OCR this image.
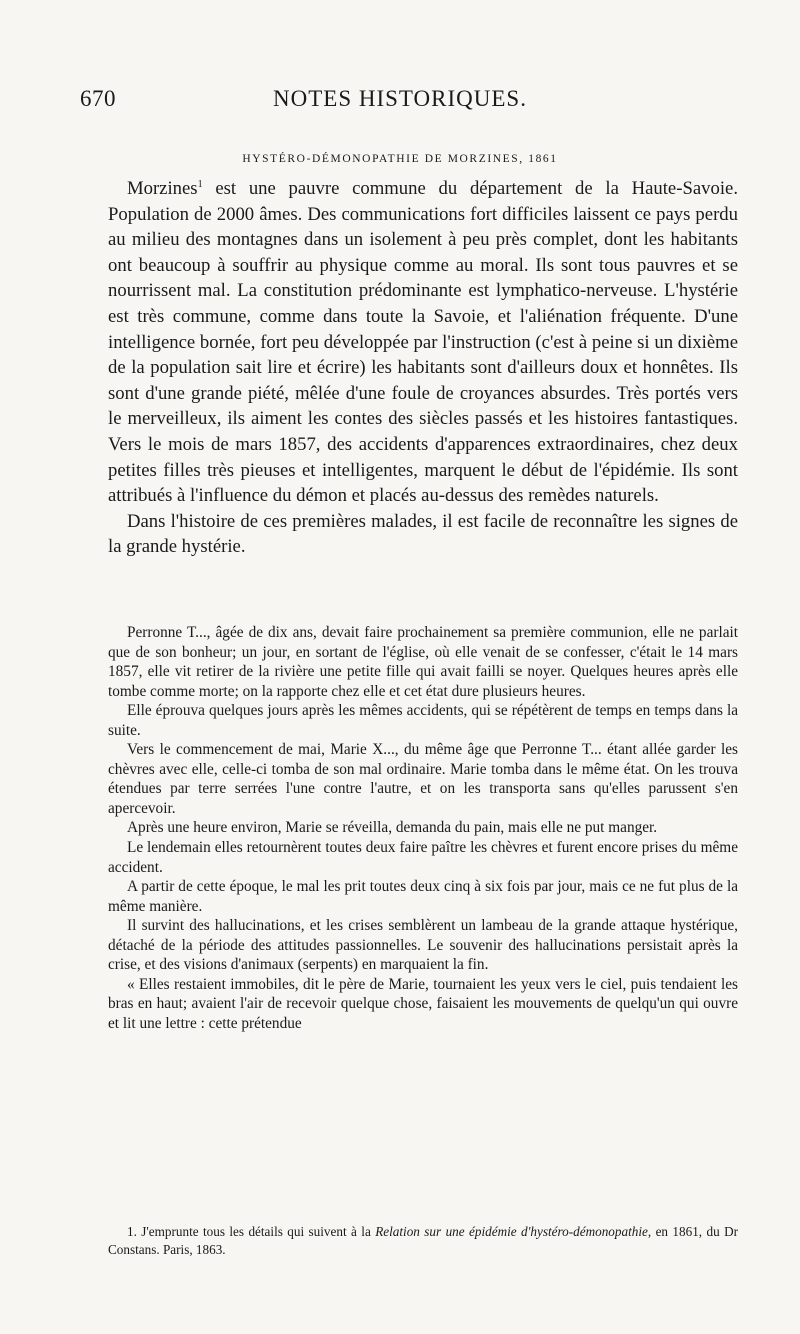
670	NOTES HISTORIQUES.
HYSTÉRO-DÉMONOPATHIE DE MORZINES, 1861

Morzines$^1$ est une pauvre commune du département de la Haute-Savoie. Population de 2000 âmes. Des communications fort difficiles laissent ce pays perdu au milieu des montagnes dans un isolement à peu près complet, dont les habitants ont beaucoup à souffrir au physique comme au moral. Ils sont tous pauvres et se nourrissent mal. La constitution prédominante est lymphatico-nerveuse. L'hystérie est très commune, comme dans toute la Savoie, et l'aliénation fréquente. D'une intelligence bornée, fort peu développée par l'instruction (c'est à peine si un dixième de la population sait lire et écrire) les habitants sont d'ailleurs doux et honnêtes. Ils sont d'une grande piété, mêlée d'une foule de croyances absurdes. Très portés vers le merveilleux, ils aiment les contes des siècles passés et les histoires fantastiques. Vers le mois de mars 1857, des accidents d'apparences extraordinaires, chez deux petites filles très pieuses et intelligentes, marquent le début de l'épidémie. Ils sont attribués à l'influence du démon et placés au-dessus des remèdes naturels.

Dans l'histoire de ces premières malades, il est facile de reconnaître les signes de la grande hystérie.

Perronne T..., âgée de dix ans, devait faire prochainement sa première communion, elle ne parlait que de son bonheur; un jour, en sortant de l'église, où elle venait de se confesser, c'était le 14 mars 1857, elle vit retirer de la rivière une petite fille qui avait failli se noyer. Quelques heures après elle tombe comme morte; on la rapporte chez elle et cet état dure plusieurs heures.

Elle éprouva quelques jours après les mêmes accidents, qui se répétèrent de temps en temps dans la suite.

Vers le commencement de mai, Marie X..., du même âge que Perronne T... étant allée garder les chèvres avec elle, celle-ci tomba de son mal ordinaire. Marie tomba dans le même état. On les trouva étendues par terre serrées l'une contre l'autre, et on les transporta sans qu'elles parussent s'en apercevoir.

Après une heure environ, Marie se réveilla, demanda du pain, mais elle ne put manger.

Le lendemain elles retournèrent toutes deux faire paître les chèvres et furent encore prises du même accident.

A partir de cette époque, le mal les prit toutes deux cinq à six fois par jour, mais ce ne fut plus de la même manière.

Il survint des hallucinations, et les crises semblèrent un lambeau de la grande attaque hystérique, détaché de la période des attitudes passionnelles. Le souvenir des hallucinations persistait après la crise, et des visions d'animaux (serpents) en marquaient la fin.

« Elles restaient immobiles, dit le père de Marie, tournaient les yeux vers le ciel, puis tendaient les bras en haut; avaient l'air de recevoir quelque chose, faisaient les mouvements de quelqu'un qui ouvre et lit une lettre : cette prétendue

1. J'emprunte tous les détails qui suivent à la Relation sur une épidémie d'hystéro-démonopathie, en 1861, du Dr Constans. Paris, 1863.
